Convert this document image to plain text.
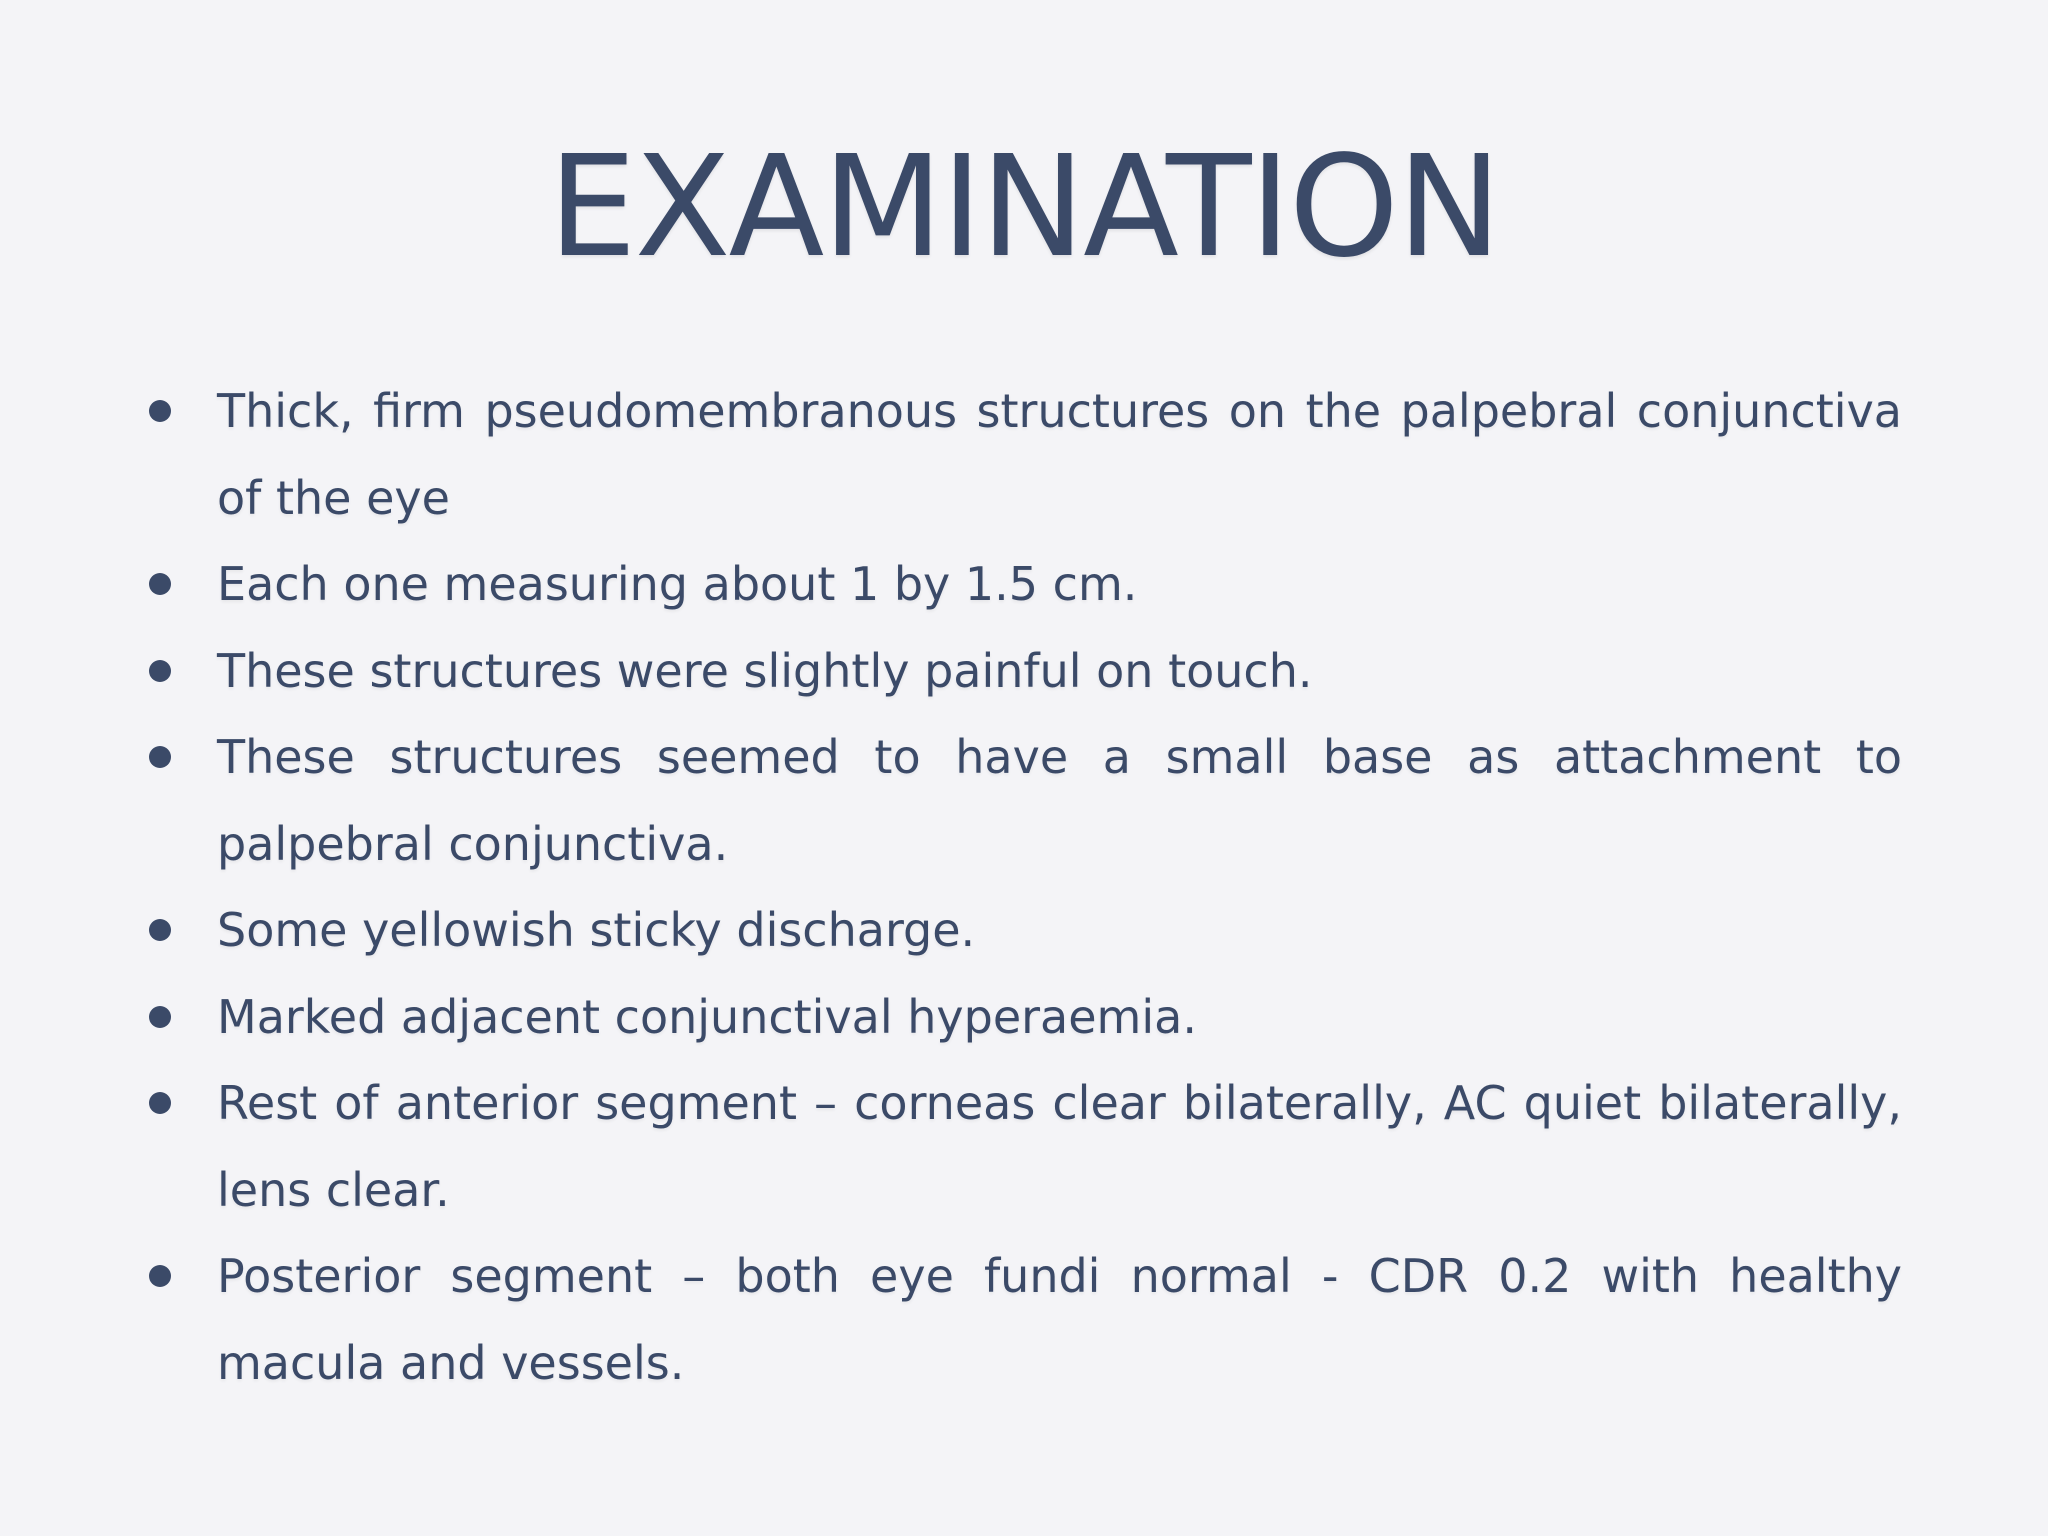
EXAMINATION
Thick, firm pseudomembranous structures on the palpebral conjunctiva of the eye
Each one measuring about 1 by 1.5 cm.
These structures were slightly painful on touch.
These structures seemed to have a small base as attachment to palpebral conjunctiva.
Some yellowish sticky discharge.
Marked adjacent conjunctival hyperaemia.
Rest of anterior segment – corneas clear bilaterally, AC quiet bilaterally, lens clear.
Posterior segment – both eye fundi normal - CDR 0.2 with healthy macula and vessels.
